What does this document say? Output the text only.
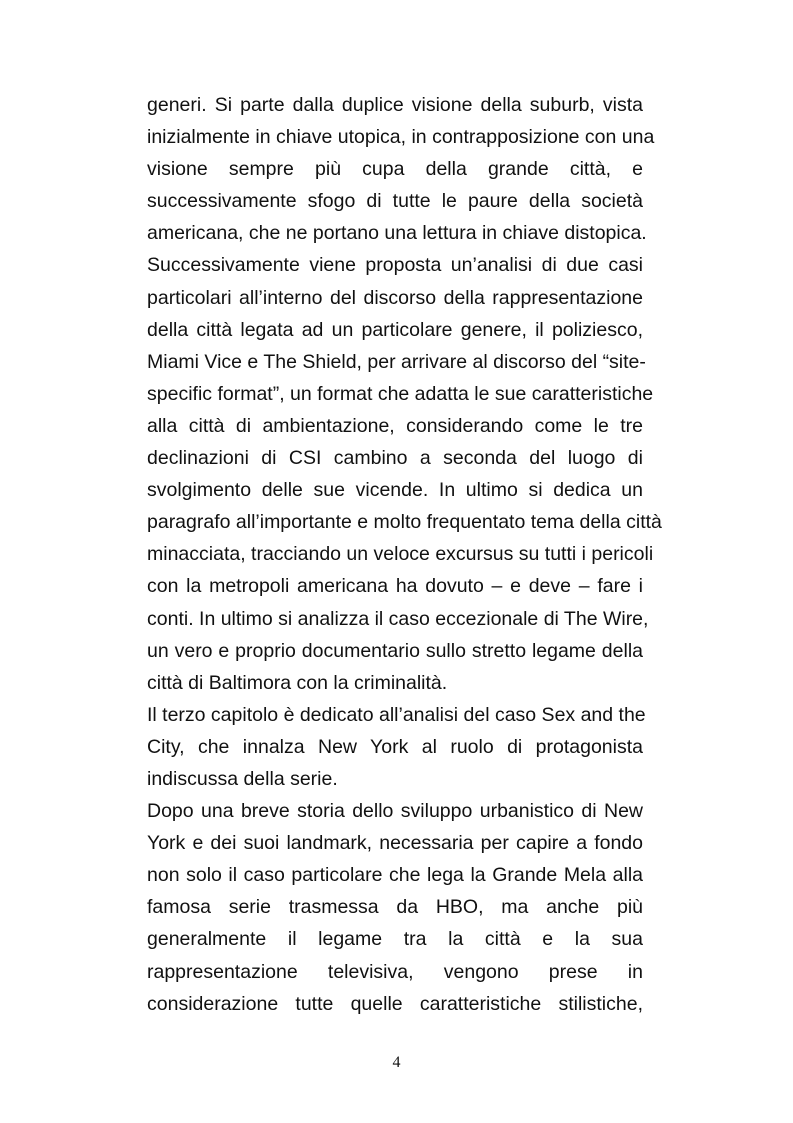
generi. Si parte dalla duplice visione della suburb, vista
inizialmente in chiave utopica, in contrapposizione con una
visione sempre più cupa della grande città, e
successivamente sfogo di tutte le paure della società
americana, che ne portano una lettura in chiave distopica.
Successivamente viene proposta un’analisi di due casi
particolari all’interno del discorso della rappresentazione
della città legata ad un particolare genere, il poliziesco,
Miami Vice e The Shield, per arrivare al discorso del “site-
specific format”, un format che adatta le sue caratteristiche
alla città di ambientazione, considerando come le tre
declinazioni di CSI cambino a seconda del luogo di
svolgimento delle sue vicende. In ultimo si dedica un
paragrafo all’importante e molto frequentato tema della città
minacciata, tracciando un veloce excursus su tutti i pericoli
con la metropoli americana ha dovuto – e deve – fare i
conti. In ultimo si analizza il caso eccezionale di The Wire,
un vero e proprio documentario sullo stretto legame della
città di Baltimora con la criminalità.
Il terzo capitolo è dedicato all’analisi del caso Sex and the
City, che innalza New York al ruolo di protagonista
indiscussa della serie.
Dopo una breve storia dello sviluppo urbanistico di New
York e dei suoi landmark, necessaria per capire a fondo
non solo il caso particolare che lega la Grande Mela alla
famosa serie trasmessa da HBO, ma anche più
generalmente il legame tra la città e la sua
rappresentazione televisiva, vengono prese in
considerazione tutte quelle caratteristiche stilistiche,
4
